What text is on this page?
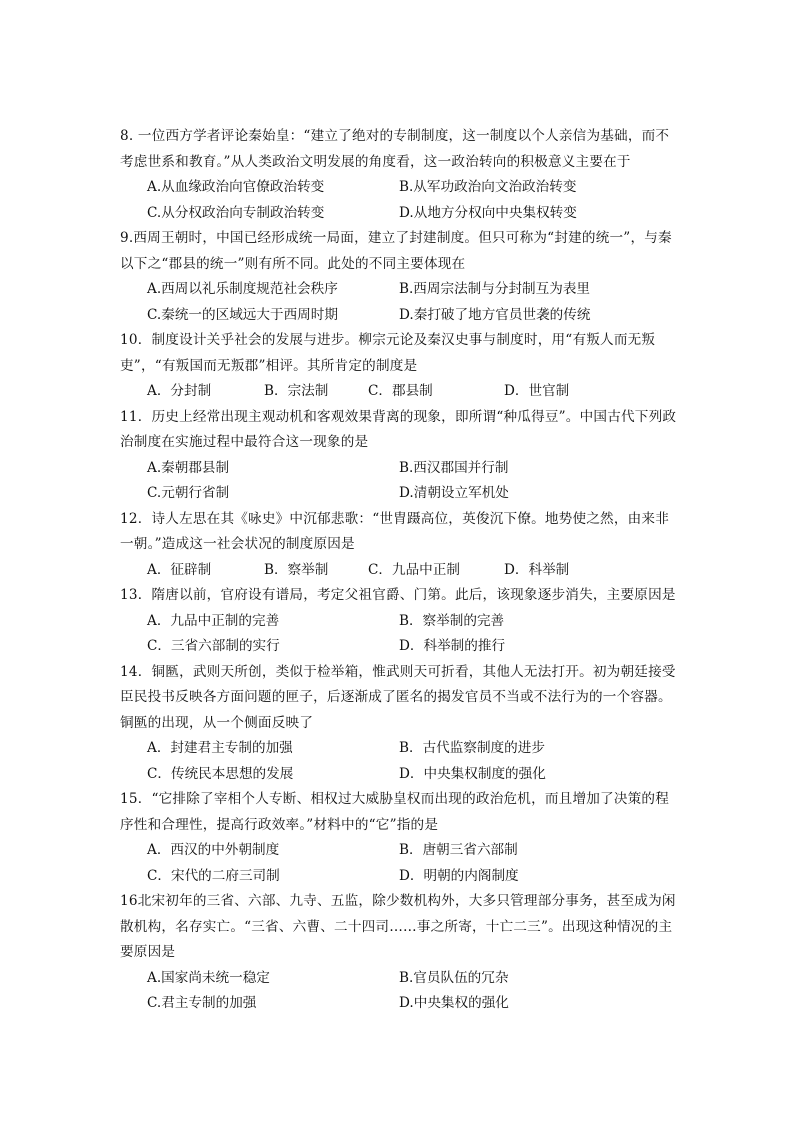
8. 一位西方学者评论秦始皇：“建立了绝对的专制制度，这一制度以个人亲信为基础，而不考虑世系和教育。”从人类政治文明发展的角度看，这一政治转向的积极意义主要在于
A.从血缘政治向官僚政治转变	B.从军功政治向文治政治转变
C.从分权政治向专制政治转变	D.从地方分权向中央集权转变
9.西周王朝时，中国已经形成统一局面，建立了封建制度。但只可称为“封建的统一”，与秦以下之“郡县的统一”则有所不同。此处的不同主要体现在
A.西周以礼乐制度规范社会秩序	B.西周宗法制与分封制互为表里
C.秦统一的区域远大于西周时期	D.秦打破了地方官员世袭的传统
10．制度设计关乎社会的发展与进步。柳宗元论及秦汉史事与制度时，用“有叛人而无叛吏”，“有叛国而无叛郡”相评。其所肯定的制度是
A．分封制	B．宗法制	C．郡县制	D．世官制
11．历史上经常出现主观动机和客观效果背离的现象，即所谓“种瓜得豆”。中国古代下列政治制度在实施过程中最符合这一现象的是
A.秦朝郡县制	B.西汉郡国并行制
C.元朝行省制	D.清朝设立军机处
12．诗人左思在其《咏史》中沉郁悲歌：“世胄蹑高位，英俊沉下僚。地势使之然，由来非一朝。”造成这一社会状况的制度原因是
A．征辟制	B．察举制	C．九品中正制	D．科举制
13．隋唐以前，官府设有谱局，考定父祖官爵、门第。此后，该现象逐步消失，主要原因是
A．九品中正制的完善	B．察举制的完善
C．三省六部制的实行	D．科举制的推行
14．铜匦，武则天所创，类似于检举箱，惟武则天可折看，其他人无法打开。初为朝廷接受臣民投书反映各方面问题的匣子，后逐渐成了匿名的揭发官员不当或不法行为的一个容器。铜匦的出现，从一个侧面反映了
A．封建君主专制的加强	B．古代监察制度的进步
C．传统民本思想的发展	D．中央集权制度的强化
15．“它排除了宰相个人专断、相权过大威胁皇权而出现的政治危机，而且增加了决策的程序性和合理性，提高行政效率。”材料中的“它”指的是
A．西汉的中外朝制度	B．唐朝三省六部制
C．宋代的二府三司制	D．明朝的内阁制度
16北宋初年的三省、六部、九寺、五监，除少数机构外，大多只管理部分事务，甚至成为闲散机构，名存实亡。“三省、六曹、二十四司……事之所寄，十亡二三”。出现这种情况的主要原因是
A.国家尚未统一稳定	B.官员队伍的冗杂
C.君主专制的加强	D.中央集权的强化
